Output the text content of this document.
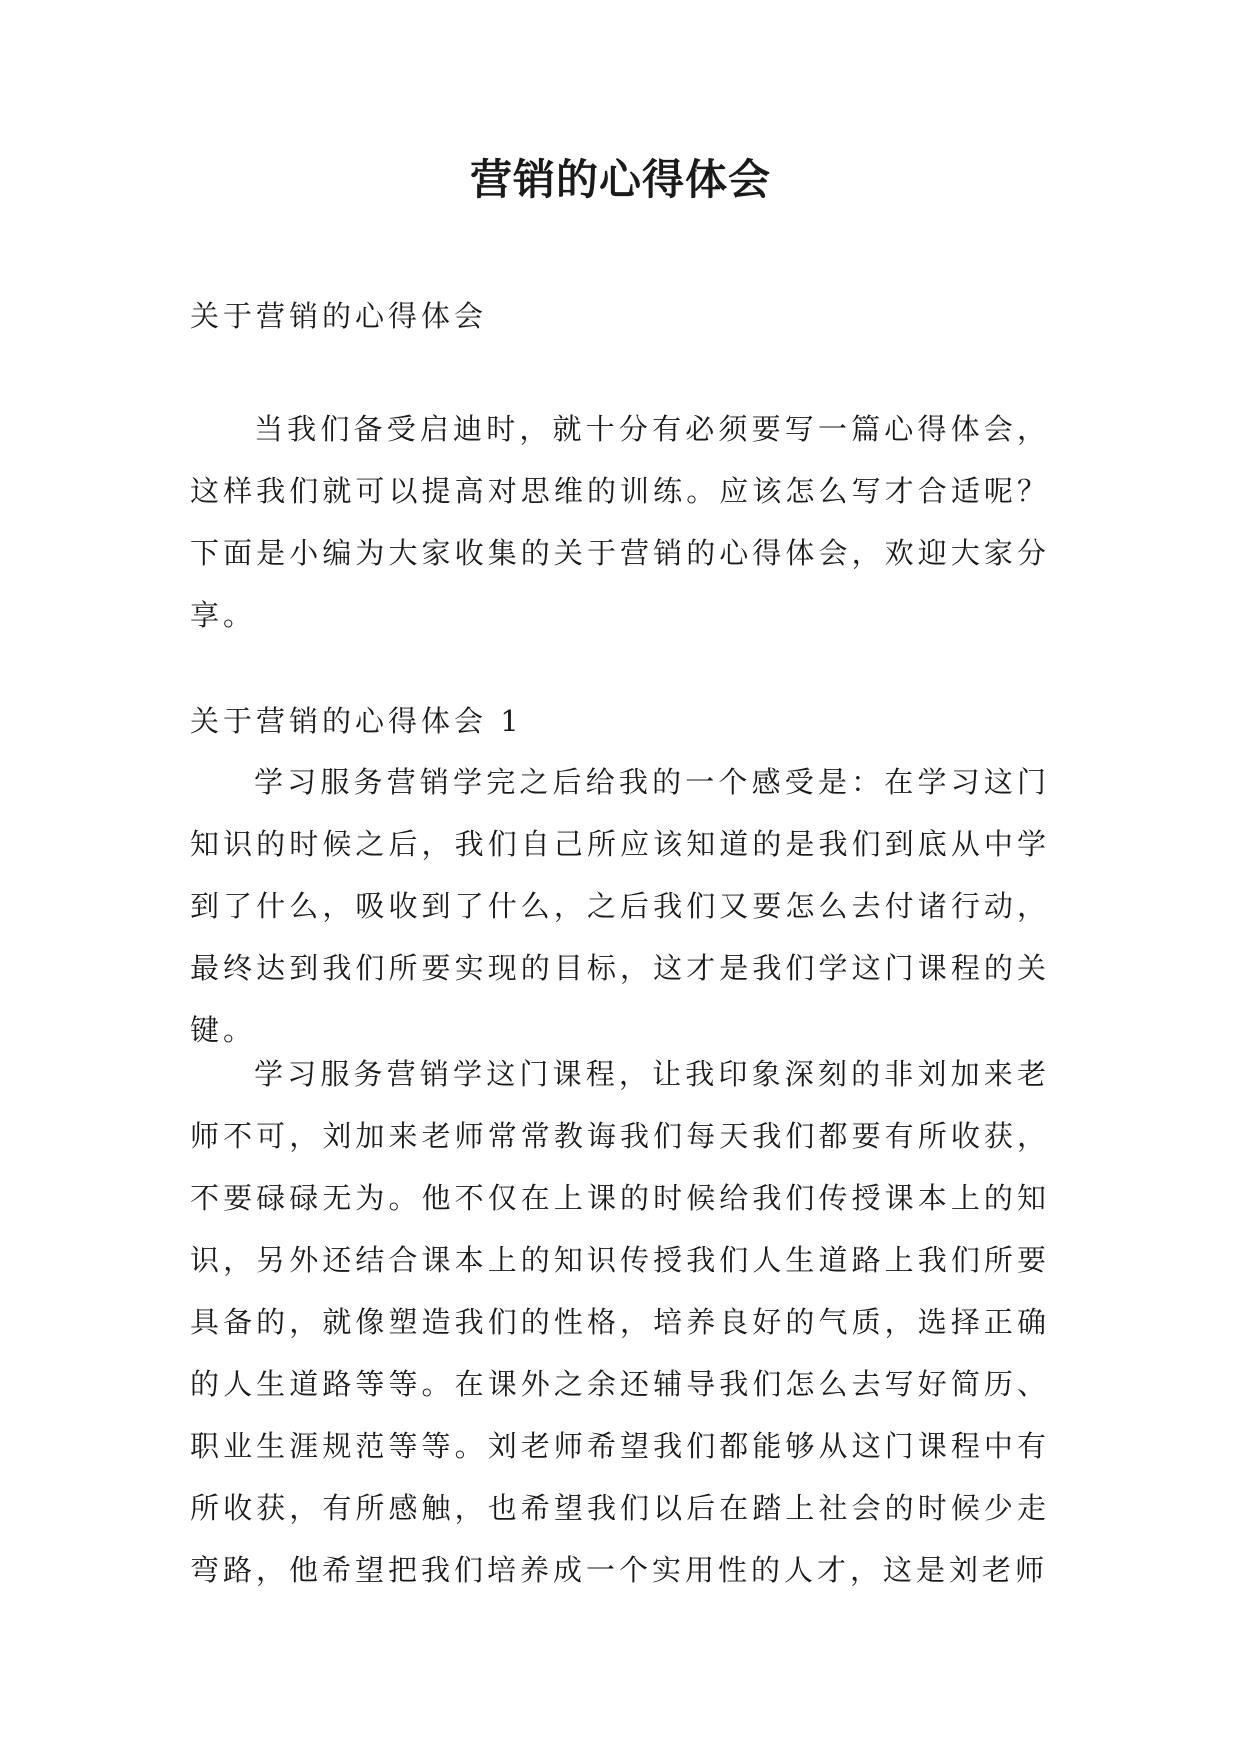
营销的心得体会

关于营销的心得体会

当我们备受启迪时，就十分有必须要写一篇心得体会，这样我们就可以提高对思维的训练。应该怎么写才合适呢？下面是小编为大家收集的关于营销的心得体会，欢迎大家分享。

关于营销的心得体会 1

学习服务营销学完之后给我的一个感受是：在学习这门知识的时候之后，我们自己所应该知道的是我们到底从中学到了什么，吸收到了什么，之后我们又要怎么去付诸行动，最终达到我们所要实现的目标，这才是我们学这门课程的关键。

学习服务营销学这门课程，让我印象深刻的非刘加来老师不可，刘加来老师常常教诲我们每天我们都要有所收获，不要碌碌无为。他不仅在上课的时候给我们传授课本上的知识，另外还结合课本上的知识传授我们人生道路上我们所要具备的，就像塑造我们的性格，培养良好的气质，选择正确的人生道路等等。在课外之余还辅导我们怎么去写好简历、职业生涯规范等等。刘老师希望我们都能够从这门课程中有所收获，有所感触，也希望我们以后在踏上社会的时候少走弯路，他希望把我们培养成一个实用性的人才，这是刘老师
